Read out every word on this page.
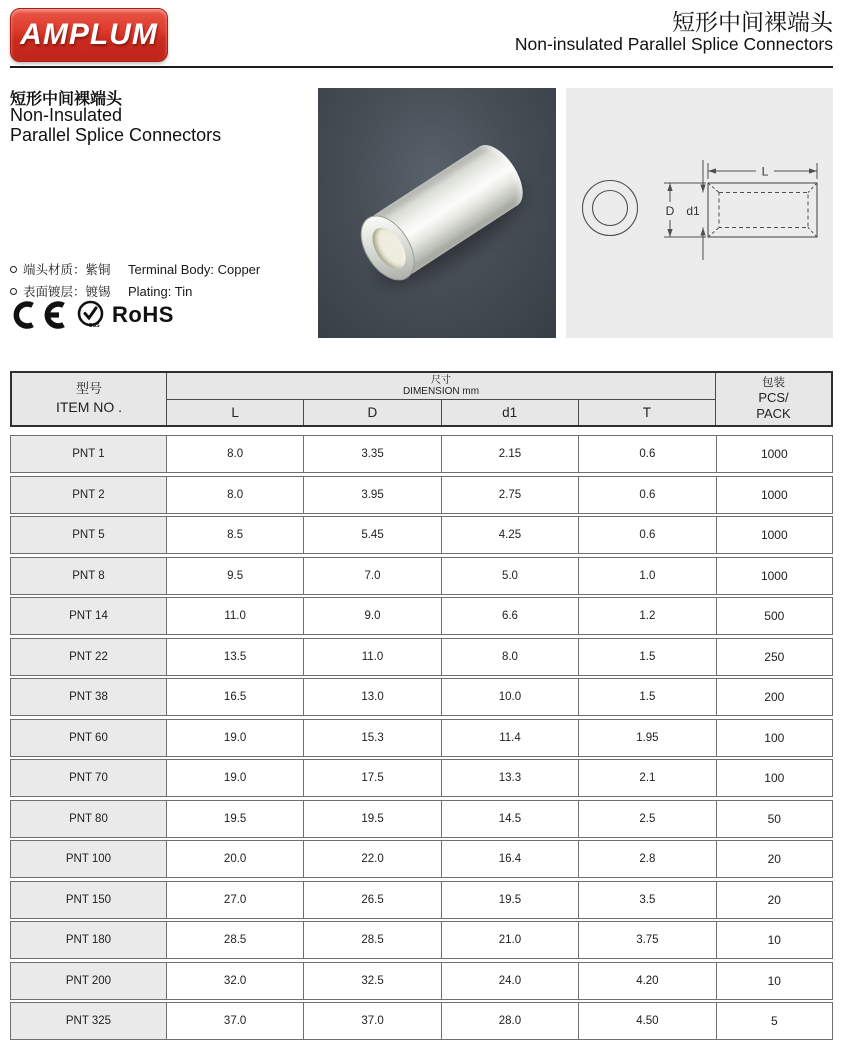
AMPLUM	短形中间裸端头
Non-insulated Parallel Splice Connectors
短形中间裸端头
Non-Insulated
Parallel Splice Connectors
端头材质：紫铜	Terminal Body: Copper
表面镀层：镀锡	Plating: Tin
SGS RoHS
L
D d1
型号
ITEM NO .
尺寸
DIMENSION mm
L	D	d1	T
包装
PCS/
PACK
PNT 1	8.0	3.35	2.15	0.6	1000
PNT 2	8.0	3.95	2.75	0.6	1000
PNT 5	8.5	5.45	4.25	0.6	1000
PNT 8	9.5	7.0	5.0	1.0	1000
PNT 14	11.0	9.0	6.6	1.2	500
PNT 22	13.5	11.0	8.0	1.5	250
PNT 38	16.5	13.0	10.0	1.5	200
PNT 60	19.0	15.3	11.4	1.95	100
PNT 70	19.0	17.5	13.3	2.1	100
PNT 80	19.5	19.5	14.5	2.5	50
PNT 100	20.0	22.0	16.4	2.8	20
PNT 150	27.0	26.5	19.5	3.5	20
PNT 180	28.5	28.5	21.0	3.75	10
PNT 200	32.0	32.5	24.0	4.20	10
PNT 325	37.0	37.0	28.0	4.50	5
